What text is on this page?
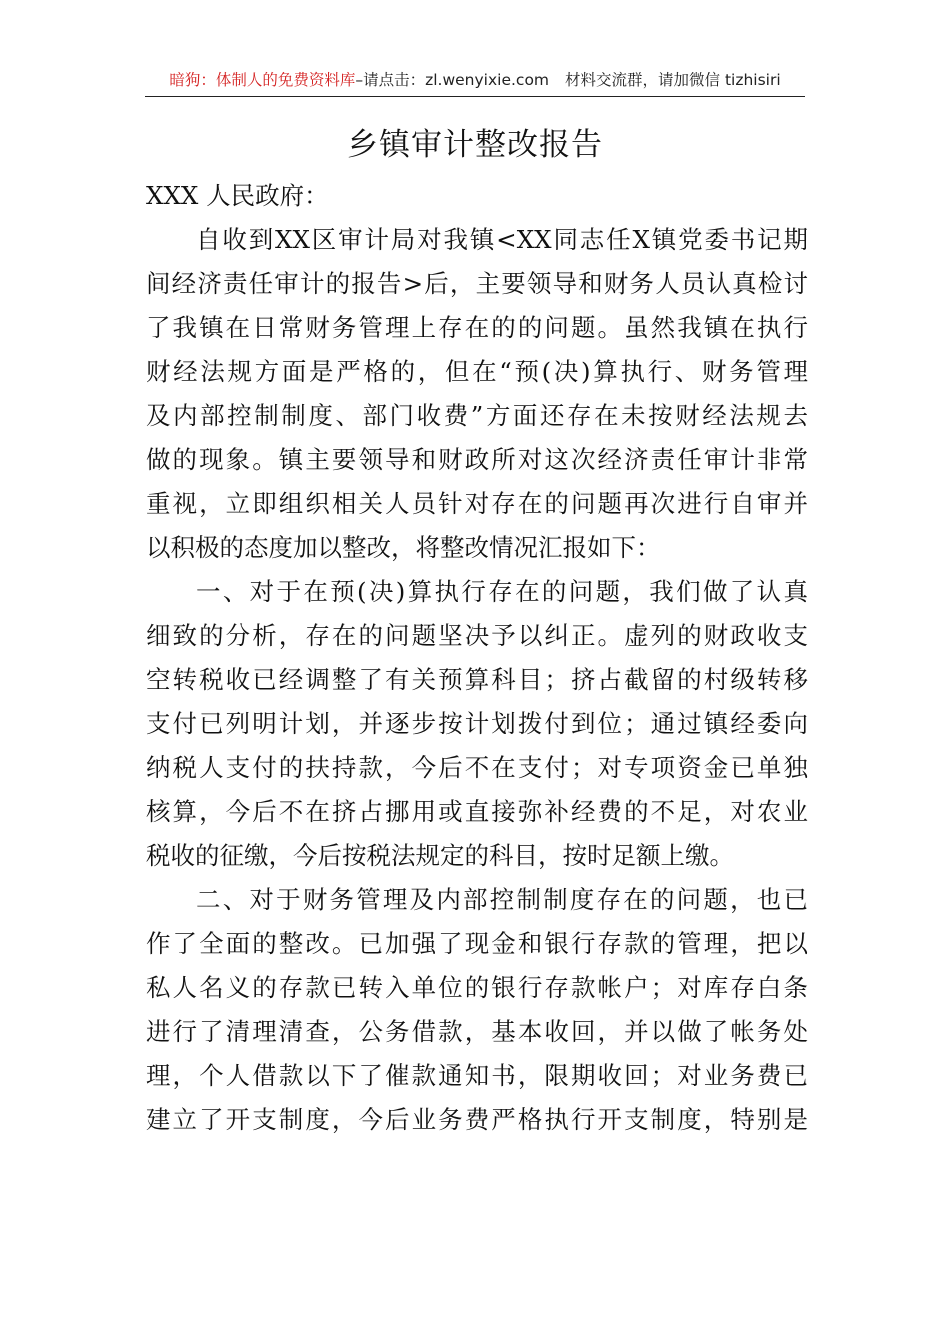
暗狗：体制人的免费资料库–请点击：zl.wenyixie.com 材料交流群，请加微信 tizhisiri
乡镇审计整改报告
XXX 人民政府：
自收到XX区审计局对我镇<XX同志任X镇党委书记期
间经济责任审计的报告>后，主要领导和财务人员认真检讨
了我镇在日常财务管理上存在的的问题。虽然我镇在执行
财经法规方面是严格的，但在“预(决)算执行、财务管理
及内部控制制度、部门收费”方面还存在未按财经法规去
做的现象。镇主要领导和财政所对这次经济责任审计非常
重视，立即组织相关人员针对存在的问题再次进行自审并
以积极的态度加以整改，将整改情况汇报如下：
一、对于在预(决)算执行存在的问题，我们做了认真
细致的分析，存在的问题坚决予以纠正。虚列的财政收支
空转税收已经调整了有关预算科目；挤占截留的村级转移
支付已列明计划，并逐步按计划拨付到位；通过镇经委向
纳税人支付的扶持款，今后不在支付；对专项资金已单独
核算，今后不在挤占挪用或直接弥补经费的不足，对农业
税收的征缴，今后按税法规定的科目，按时足额上缴。
二、对于财务管理及内部控制制度存在的问题，也已
作了全面的整改。已加强了现金和银行存款的管理，把以
私人名义的存款已转入单位的银行存款帐户；对库存白条
进行了清理清查，公务借款，基本收回，并以做了帐务处
理，个人借款以下了催款通知书，限期收回；对业务费已
建立了开支制度，今后业务费严格执行开支制度，特别是
